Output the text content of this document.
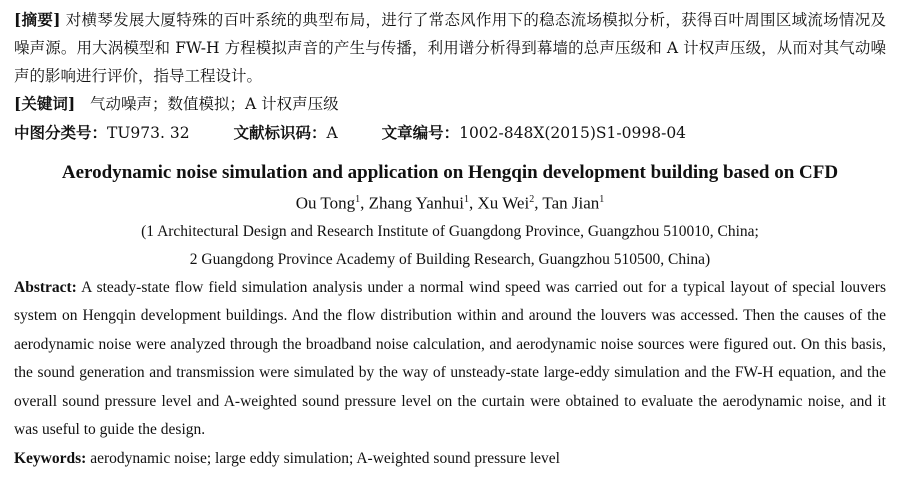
[摘要] 对横琴发展大厦特殊的百叶系统的典型布局，进行了常态风作用下的稳态流场模拟分析，获得百叶周围区域流场情况及噪声源。用大涡模型和 FW-H 方程模拟声音的产生与传播，利用谱分析得到幕墙的总声压级和 A 计权声压级，从而对其气动噪声的影响进行评价，指导工程设计。
[关键词] 气动噪声；数值模拟；A 计权声压级
中图分类号：TU973. 32	文献标识码：A	文章编号：1002-848X(2015)S1-0998-04
Aerodynamic noise simulation and application on Hengqin development building based on CFD
Ou Tong$^1$, Zhang Yanhui$^1$, Xu Wei$^2$, Tan Jian$^1$
(1 Architectural Design and Research Institute of Guangdong Province, Guangzhou 510010, China;
2 Guangdong Province Academy of Building Research, Guangzhou 510500, China)
Abstract: A steady-state flow field simulation analysis under a normal wind speed was carried out for a typical layout of special louvers system on Hengqin development buildings. And the flow distribution within and around the louvers was accessed. Then the causes of the aerodynamic noise were analyzed through the broadband noise calculation, and aerodynamic noise sources were figured out. On this basis, the sound generation and transmission were simulated by the way of unsteady-state large-eddy simulation and the FW-H equation, and the overall sound pressure level and A-weighted sound pressure level on the curtain were obtained to evaluate the aerodynamic noise, and it was useful to guide the design.
Keywords: aerodynamic noise; large eddy simulation; A-weighted sound pressure level
